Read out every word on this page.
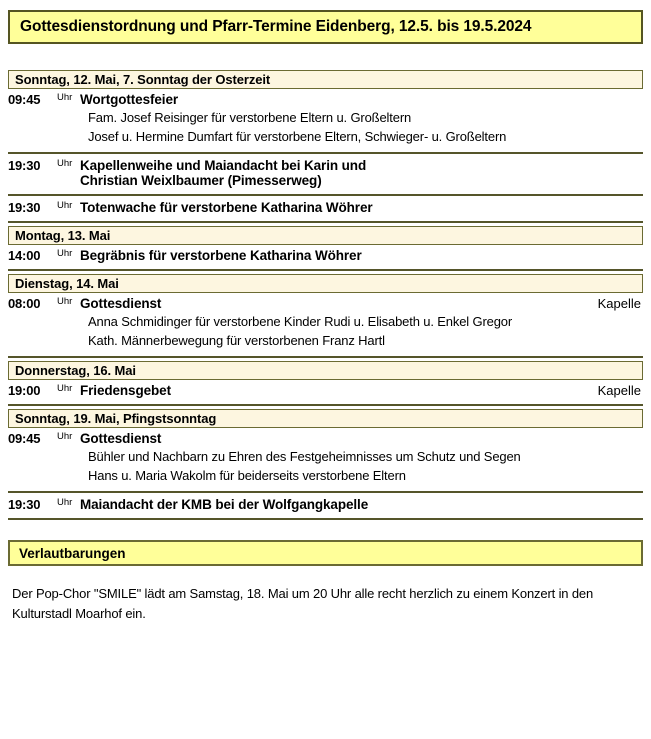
Gottesdienstordnung und Pfarr-Termine Eidenberg, 12.5. bis 19.5.2024
Sonntag, 12. Mai, 7. Sonntag der Osterzeit
09:45	Uhr Wortgottesfeier
Fam. Josef Reisinger für verstorbene Eltern u. Großeltern
Josef u. Hermine Dumfart für verstorbene Eltern, Schwieger- u. Großeltern
19:30	Uhr Kapellenweihe und Maiandacht bei Karin und
Christian Weixlbaumer (Pimesserweg)
19:30	Uhr Totenwache für verstorbene Katharina Wöhrer
Montag, 13. Mai
14:00	Uhr Begräbnis für verstorbene Katharina Wöhrer
Dienstag, 14. Mai
08:00	Uhr Gottesdienst	Kapelle
Anna Schmidinger für verstorbene Kinder Rudi u. Elisabeth u. Enkel Gregor
Kath. Männerbewegung für verstorbenen Franz Hartl
Donnerstag, 16. Mai
19:00	Uhr Friedensgebet	Kapelle
Sonntag, 19. Mai, Pfingstsonntag
09:45	Uhr Gottesdienst
Bühler und Nachbarn zu Ehren des Festgeheimnisses um Schutz und Segen
Hans u. Maria Wakolm für beiderseits verstorbene Eltern
19:30	Uhr Maiandacht der KMB bei der Wolfgangkapelle
Verlautbarungen

Der Pop-Chor "SMILE" lädt am Samstag, 18. Mai um 20 Uhr alle recht herzlich zu einem Konzert in den Kulturstadl Moarhof ein.
